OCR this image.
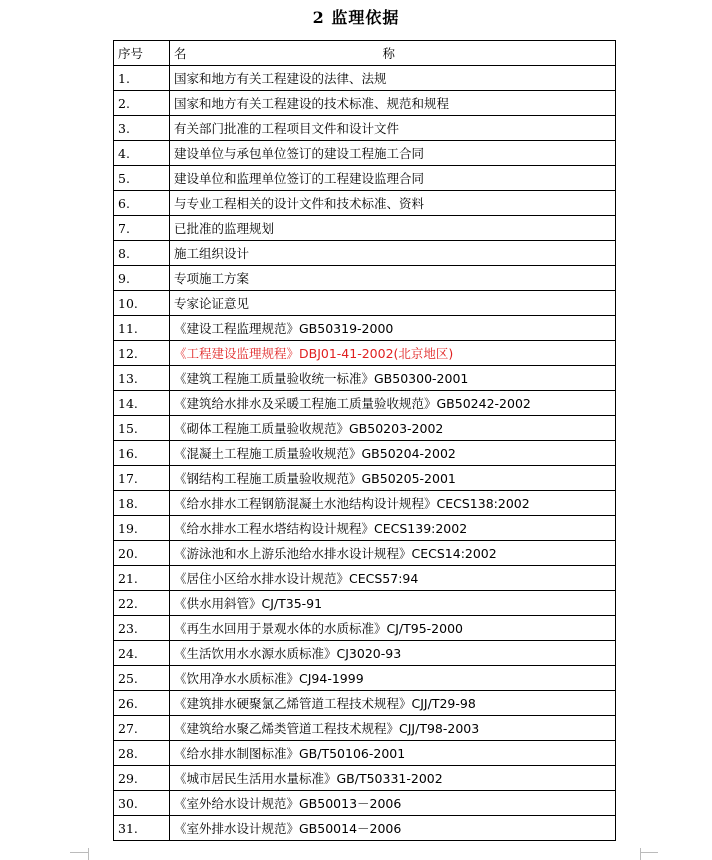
2 监理依据
序号	名 称

1.	国家和地方有关工程建设的法律、法规
2.	国家和地方有关工程建设的技术标准、规范和规程
3.	有关部门批准的工程项目文件和设计文件
4.	建设单位与承包单位签订的建设工程施工合同
5.	建设单位和监理单位签订的工程建设监理合同
6.	与专业工程相关的设计文件和技术标准、资料
7.	已批准的监理规划
8.	施工组织设计
9.	专项施工方案
10.	专家论证意见
11.	《建设工程监理规范》GB50319-2000
12.	《工程建设监理规程》DBJ01-41-2002(北京地区)
13.	《建筑工程施工质量验收统一标准》GB50300-2001
14.	《建筑给水排水及采暖工程施工质量验收规范》GB50242-2002
15.	《砌体工程施工质量验收规范》GB50203-2002
16.	《混凝土工程施工质量验收规范》GB50204-2002
17.	《钢结构工程施工质量验收规范》GB50205-2001
18.	《给水排水工程钢筋混凝土水池结构设计规程》CECS138:2002
19.	《给水排水工程水塔结构设计规程》CECS139:2002
20.	《游泳池和水上游乐池给水排水设计规程》CECS14:2002
21.	《居住小区给水排水设计规范》CECS57:94
22.	《供水用斜管》CJ/T35-91
23.	《再生水回用于景观水体的水质标准》CJ/T95-2000
24.	《生活饮用水水源水质标准》CJ3020-93
25.	《饮用净水水质标准》CJ94-1999
26.	《建筑排水硬聚氯乙烯管道工程技术规程》CJJ/T29-98
27.	《建筑给水聚乙烯类管道工程技术规程》CJJ/T98-2003
28.	《给水排水制图标准》GB/T50106-2001
29.	《城市居民生活用水量标准》GB/T50331-2002
30.	《室外给水设计规范》GB50013－2006
31.	《室外排水设计规范》GB50014－2006
